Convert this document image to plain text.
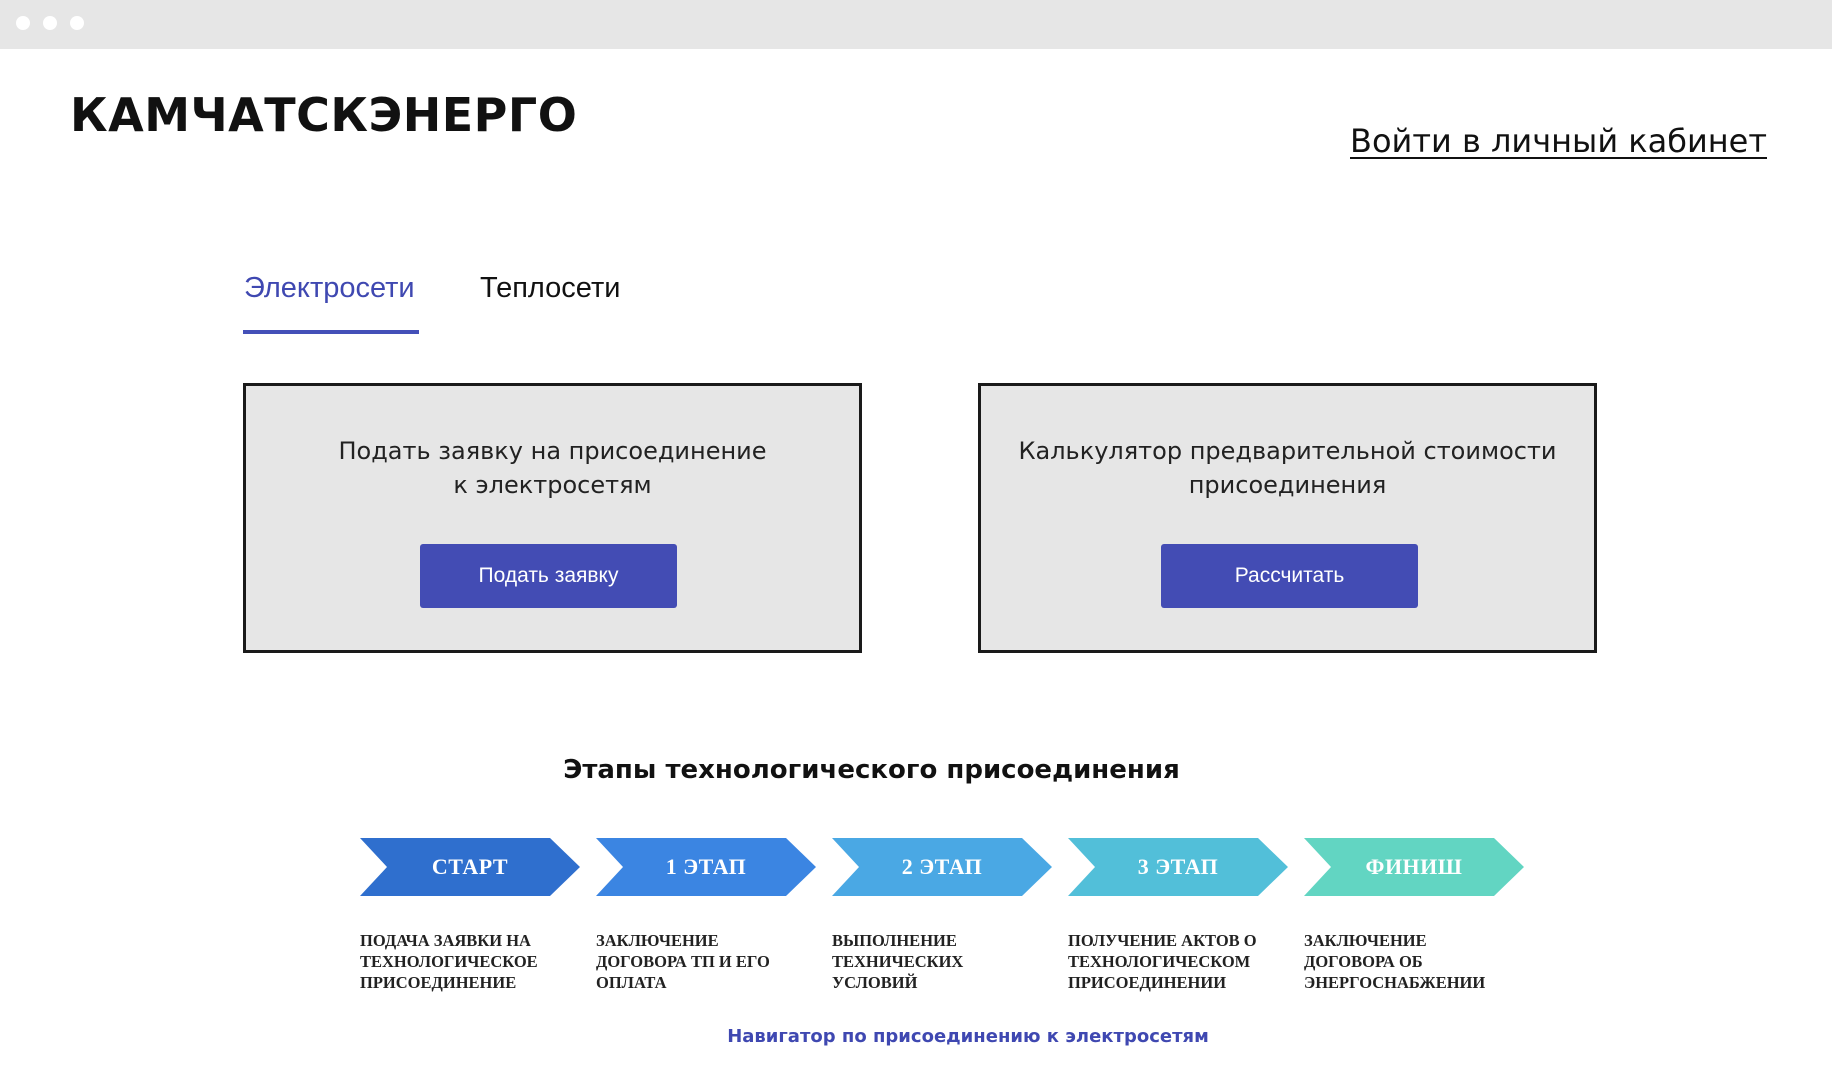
КАМЧАТСКЭНЕРГО	Войти в личный кабинет
Электросети Теплосети
Подать заявку на присоединение
к электросетям
Подать заявку
Калькулятор предварительной стоимости
присоединения
Рассчитать
Этапы технологического присоединения
СТАРТ
ПОДАЧА ЗАЯВКИ НА
ТЕХНОЛОГИЧЕСКОЕ
ПРИСОЕДИНЕНИЕ
1 ЭТАП
ЗАКЛЮЧЕНИЕ
ДОГОВОРА ТП И ЕГО
ОПЛАТА
2 ЭТАП
ВЫПОЛНЕНИЕ
ТЕХНИЧЕСКИХ
УСЛОВИЙ
3 ЭТАП
ПОЛУЧЕНИЕ АКТОВ О
ТЕХНОЛОГИЧЕСКОМ
ПРИСОЕДИНЕНИИ
ФИНИШ
ЗАКЛЮЧЕНИЕ
ДОГОВОРА ОБ
ЭНЕРГОСНАБЖЕНИИ
Навигатор по присоединению к электросетям
